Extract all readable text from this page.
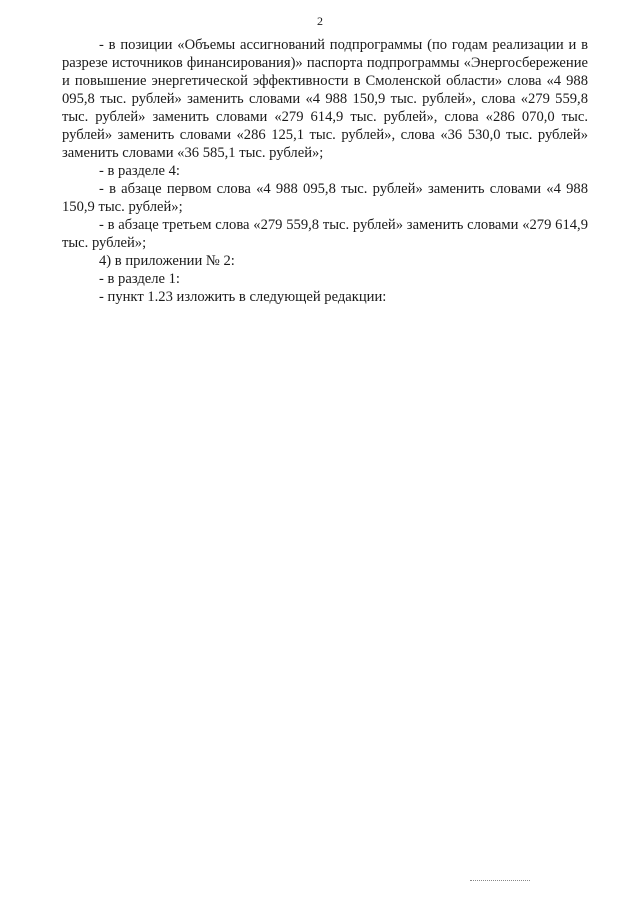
2

- в позиции «Объемы ассигнований подпрограммы (по годам реализации и в разрезе источников финансирования)» паспорта подпрограммы «Энергосбережение и повышение энергетической эффективности в Смоленской области» слова «4 988 095,8 тыс. рублей» заменить словами «4 988 150,9 тыс. рублей», слова «279 559,8 тыс. рублей» заменить словами «279 614,9 тыс. рублей», слова «286 070,0 тыс. рублей» заменить словами «286 125,1 тыс. рублей», слова «36 530,0 тыс. рублей» заменить словами «36 585,1 тыс. рублей»;

- в разделе 4:

- в абзаце первом слова «4 988 095,8 тыс. рублей» заменить словами «4 988 150,9 тыс. рублей»;

- в абзаце третьем слова «279 559,8 тыс. рублей» заменить словами «279 614,9 тыс. рублей»;

4) в приложении № 2:

- в разделе 1:

- пункт 1.23 изложить в следующей редакции:
